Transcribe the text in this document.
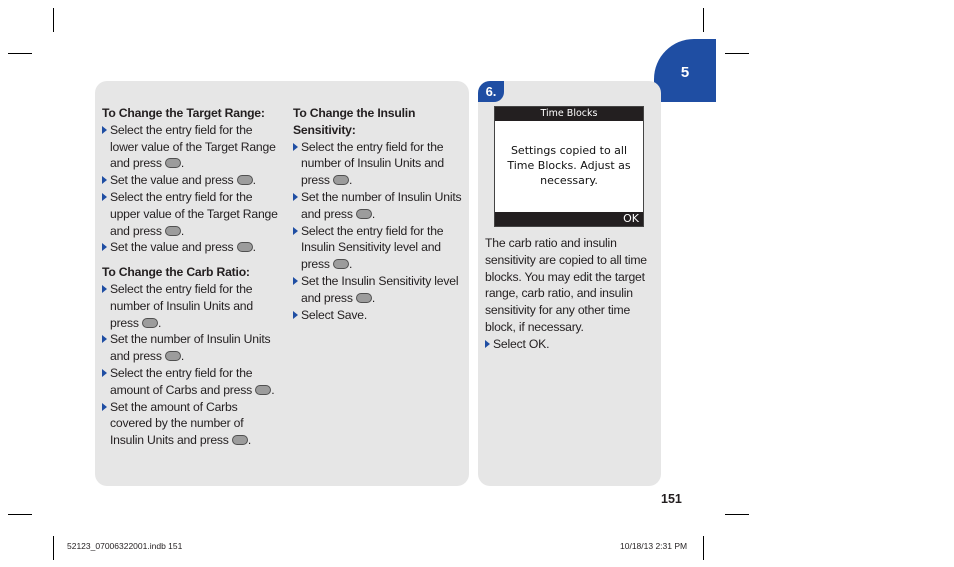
5

To Change the Target Range:

Select the entry field for the lower value of the Target Range and press .
Set the value and press .
Select the entry field for the upper value of the Target Range and press .
Set the value and press .

To Change the Carb Ratio:

Select the entry field for the number of Insulin Units and press .
Set the number of Insulin Units and press .
Select the entry field for the amount of Carbs and press .
Set the amount of Carbs covered by the number of Insulin Units and press .

To Change the Insulin Sensitivity:

Select the entry field for the number of Insulin Units and press .
Set the number of Insulin Units and press .
Select the entry field for the Insulin Sensitivity level and press .
Set the Insulin Sensitivity level and press .
Select Save.
6.
Time Blocks
Settings copied to all Time Blocks. Adjust as necessary.
OK

The carb ratio and insulin sensitivity are copied to all time blocks. You may edit the target range, carb ratio, and insulin sensitivity for any other time block, if necessary.

Select OK.
151
52123_07006322001.indb 151	10/18/13 2:31 PM
